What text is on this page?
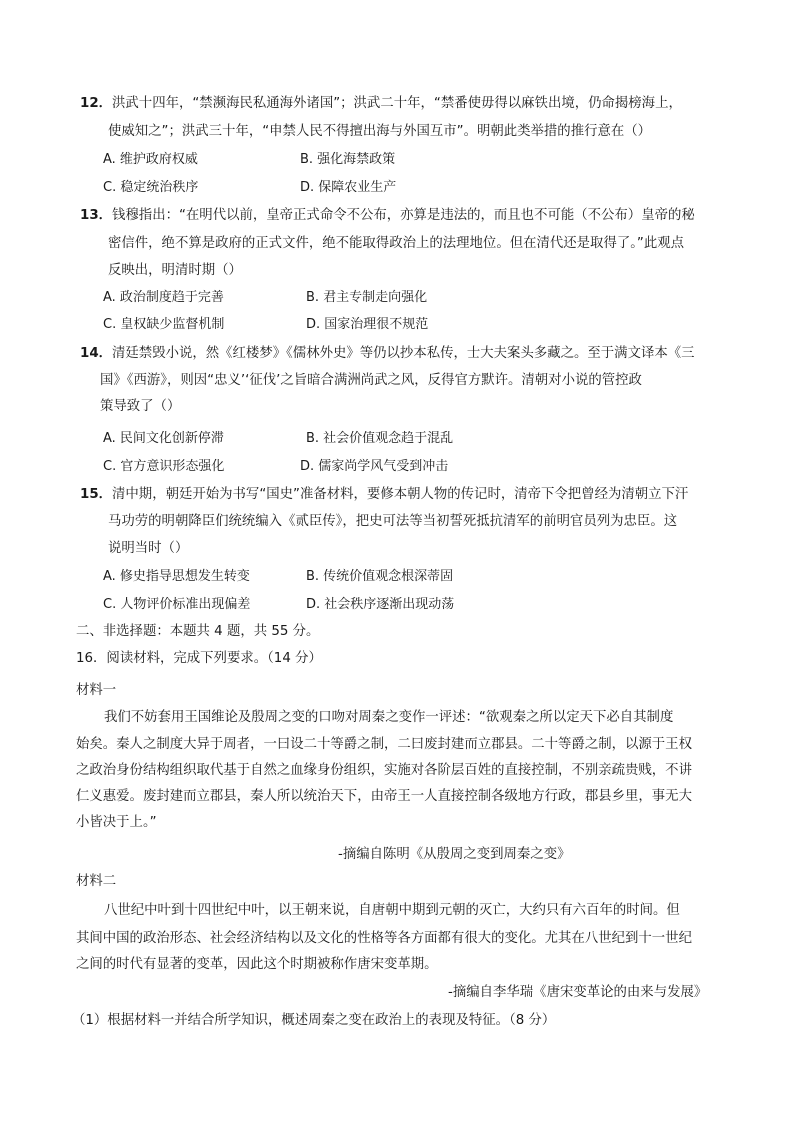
12．洪武十四年，“禁濒海民私通海外诸国”；洪武二十年，“禁番使毋得以麻铁出境，仍命揭榜海上，
使威知之”；洪武三十年，“申禁人民不得擅出海与外国互市”。明朝此类举措的推行意在（）
A. 维护政府权威	B. 强化海禁政策
C. 稳定统治秩序	D. 保障农业生产
13．钱穆指出：“在明代以前，皇帝正式命令不公布，亦算是违法的，而且也不可能（不公布）皇帝的秘
密信件，绝不算是政府的正式文件，绝不能取得政治上的法理地位。但在清代还是取得了。”此观点
反映出，明清时期（）
A. 政治制度趋于完善	B. 君主专制走向强化
C. 皇权缺少监督机制	D. 国家治理很不规范
14．清廷禁毁小说，然《红楼梦》《儒林外史》等仍以抄本私传，士大夫案头多藏之。至于满文译本《三
国》《西游》，则因“忠义’‘征伐’之旨暗合满洲尚武之风，反得官方默许。清朝对小说的管控政
策导致了（）
A. 民间文化创新停滞	B. 社会价值观念趋于混乱
C. 官方意识形态强化	D. 儒家尚学风气受到冲击
15．清中期，朝廷开始为书写“国史”准备材料，要修本朝人物的传记时，清帝下令把曾经为清朝立下汗
马功劳的明朝降臣们统统编入《贰臣传》，把史可法等当初誓死抵抗清军的前明官员列为忠臣。这
说明当时（）
A. 修史指导思想发生转变	B. 传统价值观念根深蒂固
C. 人物评价标准出现偏差	D. 社会秩序逐渐出现动荡
二、非选择题：本题共 4 题，共 55 分。
16．阅读材料，完成下列要求。（14 分）
材料一
我们不妨套用王国维论及殷周之变的口吻对周秦之变作一评述：“欲观秦之所以定天下必自其制度
始矣。秦人之制度大异于周者，一曰设二十等爵之制，二曰废封建而立郡县。二十等爵之制，以源于王权
之政治身份结构组织取代基于自然之血缘身份组织，实施对各阶层百姓的直接控制，不别亲疏贵贱，不讲
仁义惠爱。废封建而立郡县，秦人所以统治天下，由帝王一人直接控制各级地方行政，郡县乡里，事无大
小皆决于上。”
-摘编自陈明《从殷周之变到周秦之变》
材料二
八世纪中叶到十四世纪中叶，以王朝来说，自唐朝中期到元朝的灭亡，大约只有六百年的时间。但
其间中国的政治形态、社会经济结构以及文化的性格等各方面都有很大的变化。尤其在八世纪到十一世纪
之间的时代有显著的变革，因此这个时期被称作唐宋变革期。
-摘编自李华瑞《唐宋变革论的由来与发展》
（1）根据材料一并结合所学知识，概述周秦之变在政治上的表现及特征。（8 分）
